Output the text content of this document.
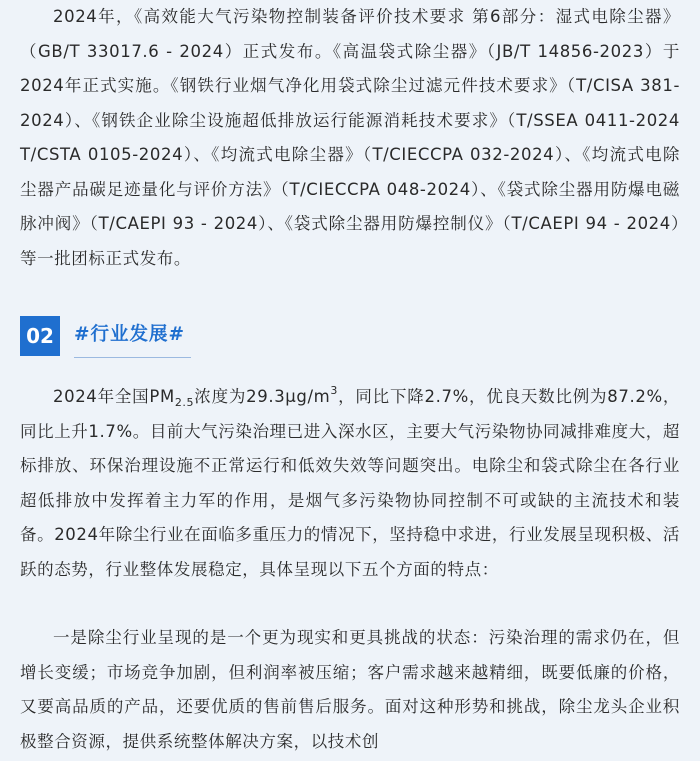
2024年，《高效能大气污染物控制装备评价技术要求 第6部分：湿式电除尘器》（GB/T 33017.6 - 2024）正式发布。《高温袋式除尘器》（JB/T 14856-2023）于2024年正式实施。《钢铁行业烟气净化用袋式除尘过滤元件技术要求》（T/CISA 381-2024）、《钢铁企业除尘设施超低排放运行能源消耗技术要求》（T/SSEA 0411-2024 T/CSTA 0105-2024）、《均流式电除尘器》（T/CIECCPA 032-2024）、《均流式电除尘器产品碳足迹量化与评价方法》（T/CIECCPA 048-2024）、《袋式除尘器用防爆电磁脉冲阀》（T/CAEPI 93 - 2024）、《袋式除尘器用防爆控制仪》（T/CAEPI 94 - 2024）等一批团标正式发布。

02	#行业发展#

2024年全国$PM_{2.5}$浓度为$29.3\mu g/m^3$，同比下降2.7%，优良天数比例为87.2%，同比上升1.7%。目前大气污染治理已进入深水区，主要大气污染物协同减排难度大，超标排放、环保治理设施不正常运行和低效失效等问题突出。电除尘和袋式除尘在各行业超低排放中发挥着主力军的作用，是烟气多污染物协同控制不可或缺的主流技术和装备。2024年除尘行业在面临多重压力的情况下，坚持稳中求进，行业发展呈现积极、活跃的态势，行业整体发展稳定，具体呈现以下五个方面的特点：

一是除尘行业呈现的是一个更为现实和更具挑战的状态：污染治理的需求仍在，但增长变缓；市场竞争加剧，但利润率被压缩；客户需求越来越精细，既要低廉的价格，又要高品质的产品，还要优质的售前售后服务。面对这种形势和挑战，除尘龙头企业积极整合资源，提供系统整体解决方案，以技术创
